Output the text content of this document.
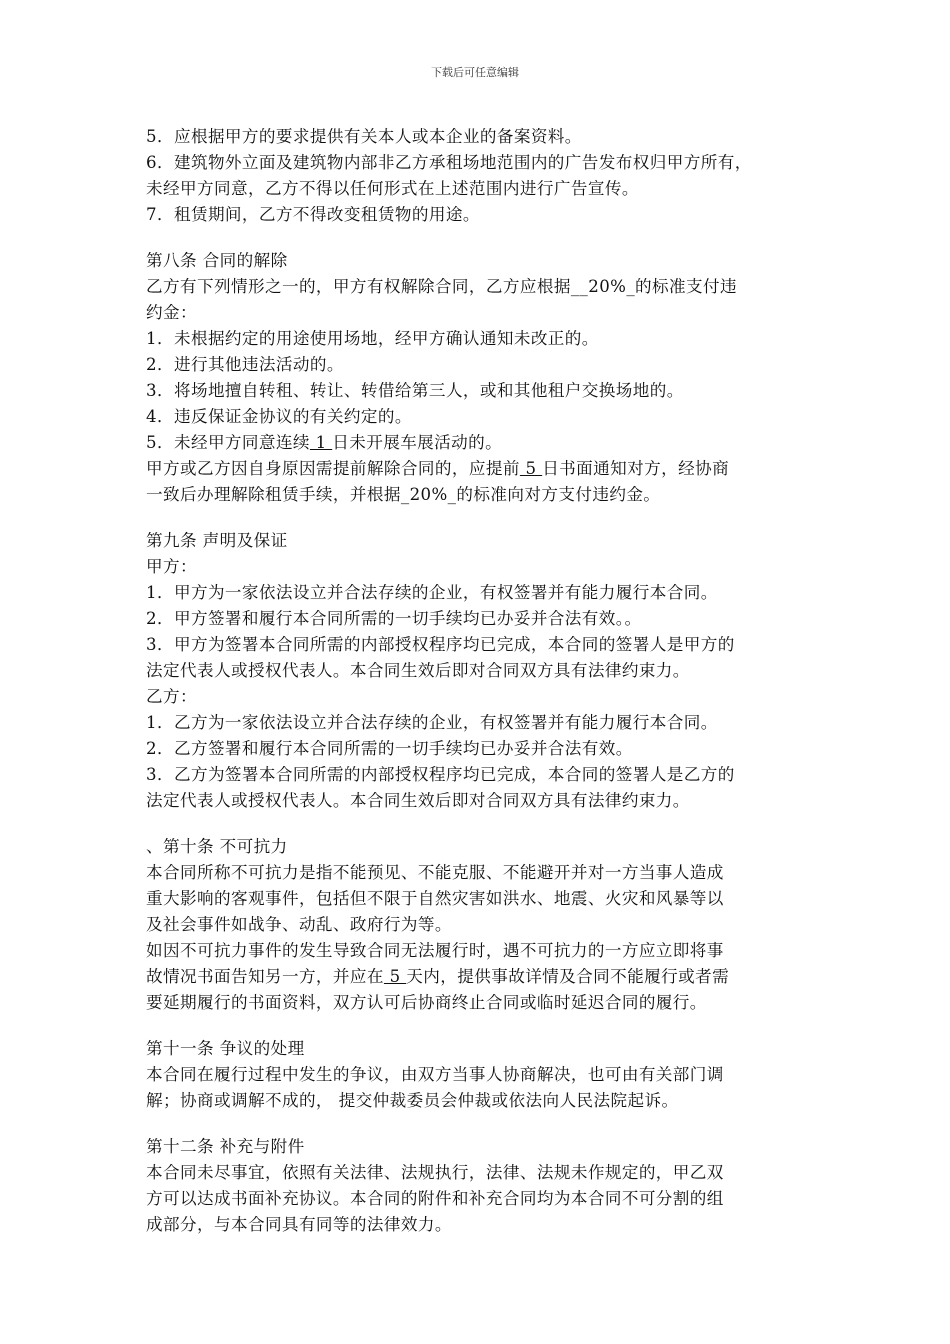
下载后可任意编辑
5．应根据甲方的要求提供有关本人或本企业的备案资料。
6．建筑物外立面及建筑物内部非乙方承租场地范围内的广告发布权归甲方所有，
未经甲方同意，乙方不得以任何形式在上述范围内进行广告宣传。
7．租赁期间，乙方不得改变租赁物的用途。
第八条 合同的解除
乙方有下列情形之一的，甲方有权解除合同，乙方应根据__20%_的标准支付违
约金：
1．未根据约定的用途使用场地，经甲方确认通知未改正的。
2．进行其他违法活动的。
3．将场地擅自转租、转让、转借给第三人，或和其他租户交换场地的。
4．违反保证金协议的有关约定的。
5．未经甲方同意连续 1 日未开展车展活动的。
甲方或乙方因自身原因需提前解除合同的，应提前 5 日书面通知对方，经协商
一致后办理解除租赁手续，并根据_20%_的标准向对方支付违约金。
第九条 声明及保证
甲方：
1．甲方为一家依法设立并合法存续的企业，有权签署并有能力履行本合同。
2．甲方签署和履行本合同所需的一切手续均已办妥并合法有效。。
3．甲方为签署本合同所需的内部授权程序均已完成，本合同的签署人是甲方的
法定代表人或授权代表人。本合同生效后即对合同双方具有法律约束力。
乙方：
1．乙方为一家依法设立并合法存续的企业，有权签署并有能力履行本合同。
2．乙方签署和履行本合同所需的一切手续均已办妥并合法有效。
3．乙方为签署本合同所需的内部授权程序均已完成，本合同的签署人是乙方的
法定代表人或授权代表人。本合同生效后即对合同双方具有法律约束力。
、第十条 不可抗力
本合同所称不可抗力是指不能预见、不能克服、不能避开并对一方当事人造成
重大影响的客观事件，包括但不限于自然灾害如洪水、地震、火灾和风暴等以
及社会事件如战争、动乱、政府行为等。
如因不可抗力事件的发生导致合同无法履行时，遇不可抗力的一方应立即将事
故情况书面告知另一方，并应在 5 天内，提供事故详情及合同不能履行或者需
要延期履行的书面资料，双方认可后协商终止合同或临时延迟合同的履行。
第十一条 争议的处理
本合同在履行过程中发生的争议，由双方当事人协商解决，也可由有关部门调
解；协商或调解不成的， 提交仲裁委员会仲裁或依法向人民法院起诉。
第十二条 补充与附件
本合同未尽事宜，依照有关法律、法规执行，法律、法规未作规定的，甲乙双
方可以达成书面补充协议。本合同的附件和补充合同均为本合同不可分割的组
成部分，与本合同具有同等的法律效力。
